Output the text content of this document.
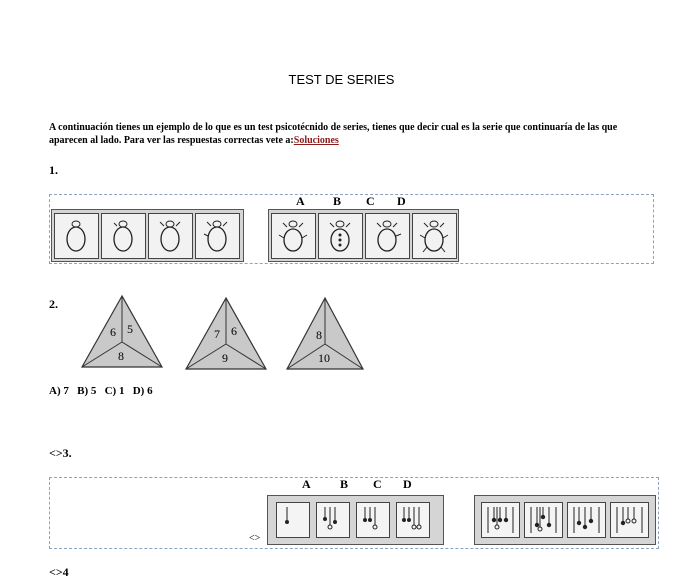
TEST DE SERIES
A continuación tienes un ejemplo de lo que es un test psicotécnido de series, tienes que decir cual es la serie que continuaría de las que aparecen al lado. Para ver las respuestas correctas vete a:Soluciones
1.
A B C D
2.
6 5
8
7 6
9
8
10
A) 7   B) 5   C) 1   D) 6
<>3.
A B C D
<>
<>4
